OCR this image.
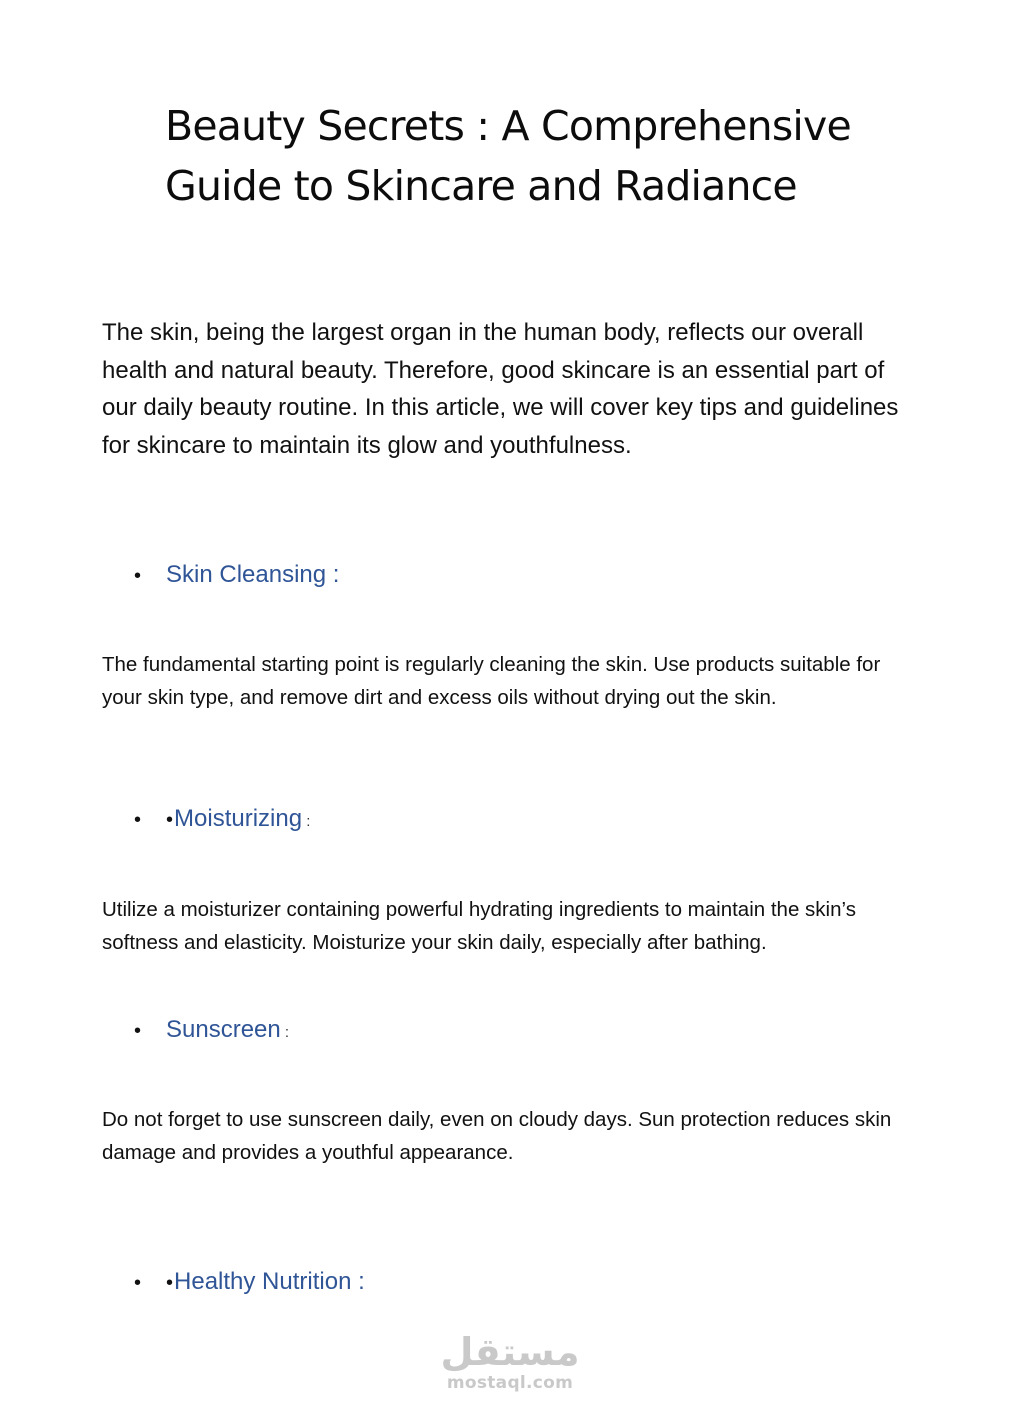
Beauty Secrets : A Comprehensive Guide to Skincare and Radiance

The skin, being the largest organ in the human body, reflects our overall health and natural beauty. Therefore, good skincare is an essential part of our daily beauty routine. In this article, we will cover key tips and guidelines for skincare to maintain its glow and youthfulness.

• Skin Cleansing :

The fundamental starting point is regularly cleaning the skin. Use products suitable for your skin type, and remove dirt and excess oils without drying out the skin.

• •Moisturizing :

Utilize a moisturizer containing powerful hydrating ingredients to maintain the skin’s softness and elasticity. Moisturize your skin daily, especially after bathing.

• Sunscreen :

Do not forget to use sunscreen daily, even on cloudy days. Sun protection reduces skin damage and provides a youthful appearance.

• •Healthy Nutrition :
مستقل
mostaql.com
